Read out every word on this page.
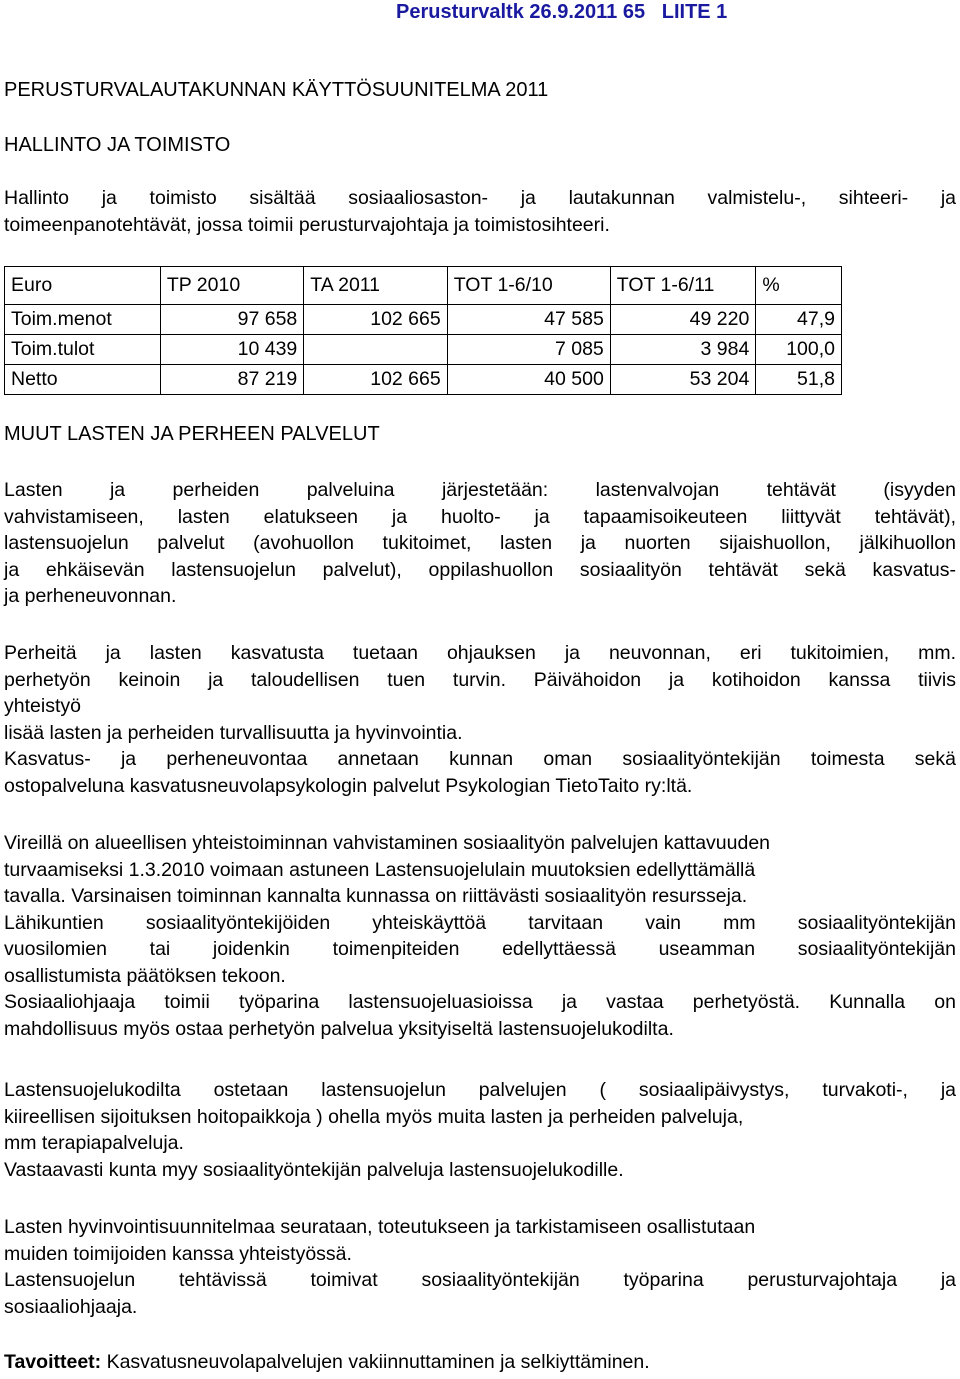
Perusturvaltk 26.9.2011 65   LIITE 1
PERUSTURVALAUTAKUNNAN KÄYTTÖSUUNITELMA 2011
HALLINTO JA TOIMISTO
Hallinto ja toimisto sisältää sosiaaliosaston- ja lautakunnan valmistelu-, sihteeri- ja
toimeenpanotehtävät, jossa toimii perusturvajohtaja ja toimistosihteeri.
Euro	TP 2010	TA 2011	TOT 1-6/10	TOT 1-6/11	%
Toim.menot	97 658	102 665	47 585	49 220	47,9
Toim.tulot	10 439		7 085	3 984	100,0
Netto	87 219	102 665	40 500	53 204	51,8
MUUT LASTEN JA PERHEEN PALVELUT
Lasten ja perheiden palveluina järjestetään: lastenvalvojan tehtävät (isyyden
vahvistamiseen, lasten elatukseen ja huolto- ja tapaamisoikeuteen liittyvät tehtävät),
lastensuojelun palvelut (avohuollon tukitoimet, lasten ja nuorten sijaishuollon, jälkihuollon
ja ehkäisevän lastensuojelun palvelut), oppilashuollon sosiaalityön tehtävät sekä kasvatus-
ja perheneuvonnan.
Perheitä ja lasten kasvatusta tuetaan ohjauksen ja neuvonnan, eri tukitoimien, mm.
perhetyön keinoin ja taloudellisen tuen turvin. Päivähoidon ja kotihoidon kanssa tiivis
yhteistyö
lisää lasten ja perheiden turvallisuutta ja hyvinvointia.
Kasvatus- ja perheneuvontaa annetaan kunnan oman sosiaalityöntekijän toimesta sekä
ostopalveluna kasvatusneuvolapsykologin palvelut Psykologian TietoTaito ry:ltä.
Vireillä on alueellisen yhteistoiminnan vahvistaminen sosiaalityön palvelujen kattavuuden
turvaamiseksi 1.3.2010 voimaan astuneen Lastensuojelulain muutoksien edellyttämällä
tavalla. Varsinaisen toiminnan kannalta kunnassa on riittävästi sosiaalityön resursseja.
Lähikuntien sosiaalityöntekijöiden yhteiskäyttöä tarvitaan vain mm sosiaalityöntekijän
vuosilomien tai joidenkin toimenpiteiden edellyttäessä useamman sosiaalityöntekijän
osallistumista päätöksen tekoon.
Sosiaaliohjaaja toimii työparina lastensuojeluasioissa ja vastaa perhetyöstä. Kunnalla on
mahdollisuus myös ostaa perhetyön palvelua yksityiseltä lastensuojelukodilta.
Lastensuojelukodilta ostetaan lastensuojelun palvelujen ( sosiaalipäivystys, turvakoti-, ja
kiireellisen sijoituksen hoitopaikkoja ) ohella myös muita lasten ja perheiden palveluja,
mm terapiapalveluja.
Vastaavasti kunta myy sosiaalityöntekijän palveluja lastensuojelukodille.
Lasten hyvinvointisuunnitelmaa seurataan, toteutukseen ja tarkistamiseen osallistutaan
muiden toimijoiden kanssa yhteistyössä.
Lastensuojelun tehtävissä toimivat sosiaalityöntekijän työparina perusturvajohtaja ja
sosiaaliohjaaja.
Tavoitteet: Kasvatusneuvolapalvelujen vakiinnuttaminen ja selkiyttäminen.
